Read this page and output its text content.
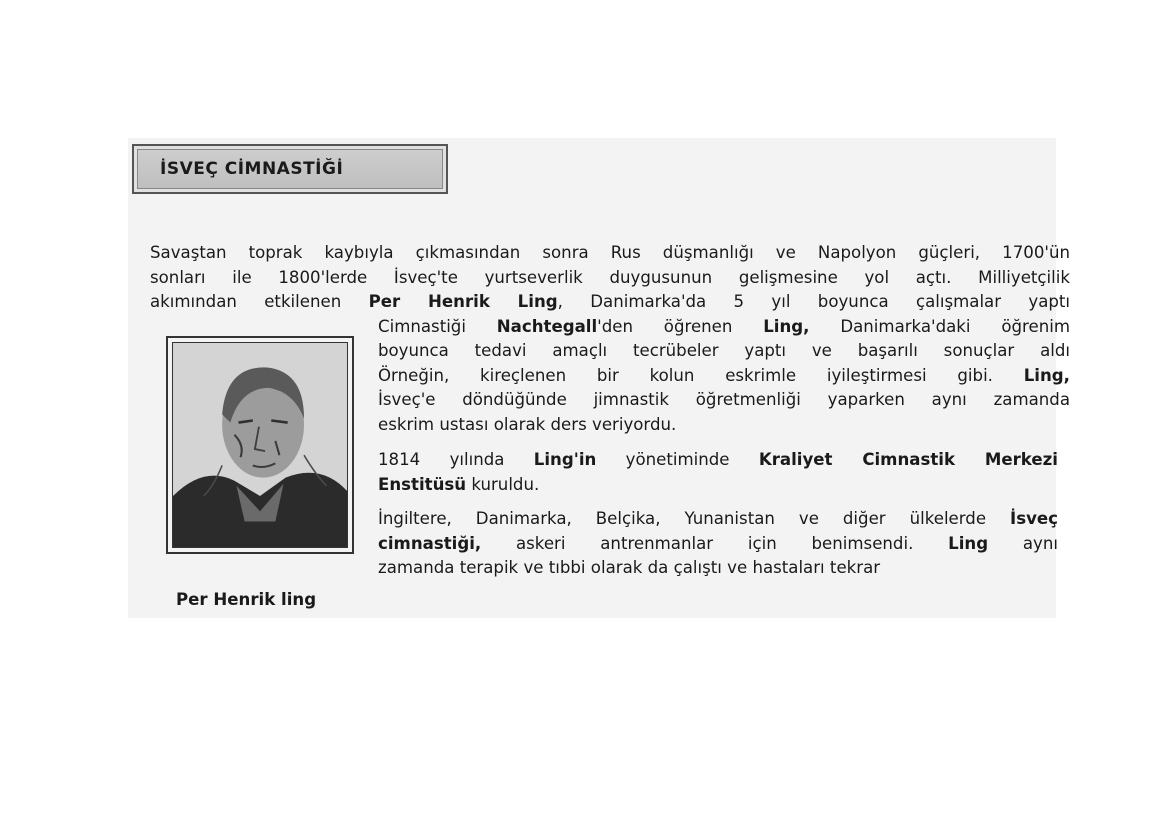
İSVEÇ CİMNASTİĞİ
Savaştan toprak kaybıyla çıkmasından sonra Rus düşmanlığı ve Napolyon güçleri, 1700'ün
sonları ile 1800'lerde İsveç'te yurtseverlik duygusunun gelişmesine yol açtı. Milliyetçilik
akımından etkilenen Per Henrik Ling, Danimarka'da 5 yıl boyunca çalışmalar yaptı
Cimnastiği Nachtegall'den öğrenen Ling, Danimarka'daki öğrenim
boyunca tedavi amaçlı tecrübeler yaptı ve başarılı sonuçlar aldı
Örneğin, kireçlenen bir kolun eskrimle iyileştirmesi gibi. Ling,
İsveç'e döndüğünde jimnastik öğretmenliği yaparken aynı zamanda
eskrim ustası olarak ders veriyordu.
1814 yılında Ling'in yönetiminde Kraliyet Cimnastik Merkezi
Enstitüsü kuruldu.
İngiltere, Danimarka, Belçika, Yunanistan ve diğer ülkelerde İsveç
cimnastiği, askeri antrenmanlar için benimsendi. Ling aynı
zamanda terapik ve tıbbi olarak da çalıştı ve hastaları tekrar
Per Henrik ling
